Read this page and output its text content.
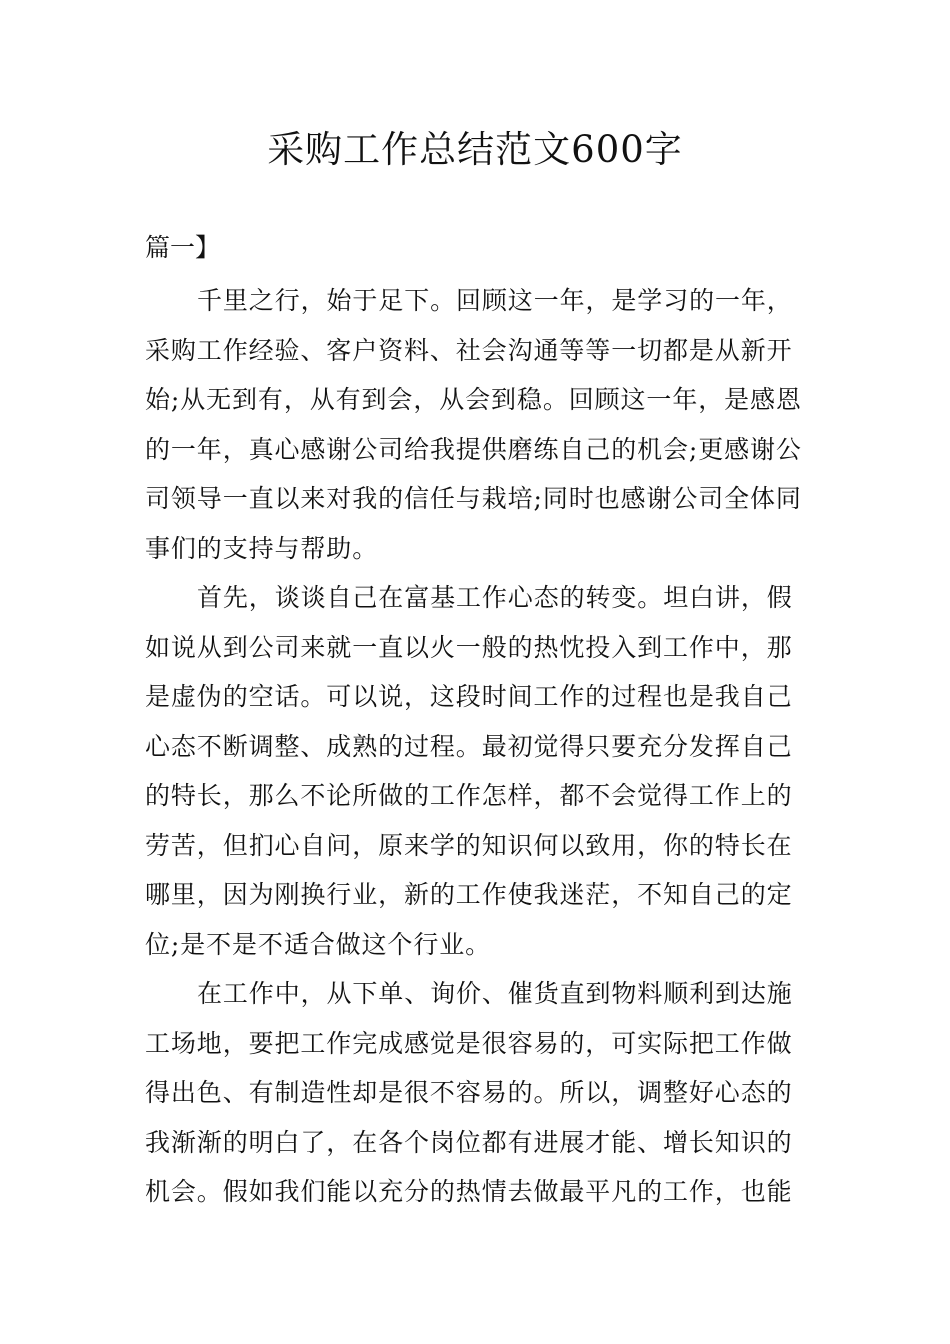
采购工作总结范文600字
篇一】
千里之行，始于足下。回顾这一年，是学习的一年，
采购工作经验、客户资料、社会沟通等等一切都是从新开
始;从无到有，从有到会，从会到稳。回顾这一年，是感恩
的一年，真心感谢公司给我提供磨练自己的机会;更感谢公
司领导一直以来对我的信任与栽培;同时也感谢公司全体同
事们的支持与帮助。
首先，谈谈自己在富基工作心态的转变。坦白讲，假
如说从到公司来就一直以火一般的热忱投入到工作中，那
是虚伪的空话。可以说，这段时间工作的过程也是我自己
心态不断调整、成熟的过程。最初觉得只要充分发挥自己
的特长，那么不论所做的工作怎样，都不会觉得工作上的
劳苦，但扪心自问，原来学的知识何以致用，你的特长在
哪里，因为刚换行业，新的工作使我迷茫，不知自己的定
位;是不是不适合做这个行业。
在工作中，从下单、询价、催货直到物料顺利到达施
工场地，要把工作完成感觉是很容易的，可实际把工作做
得出色、有制造性却是很不容易的。所以，调整好心态的
我渐渐的明白了，在各个岗位都有进展才能、增长知识的
机会。假如我们能以充分的热情去做最平凡的工作，也能
